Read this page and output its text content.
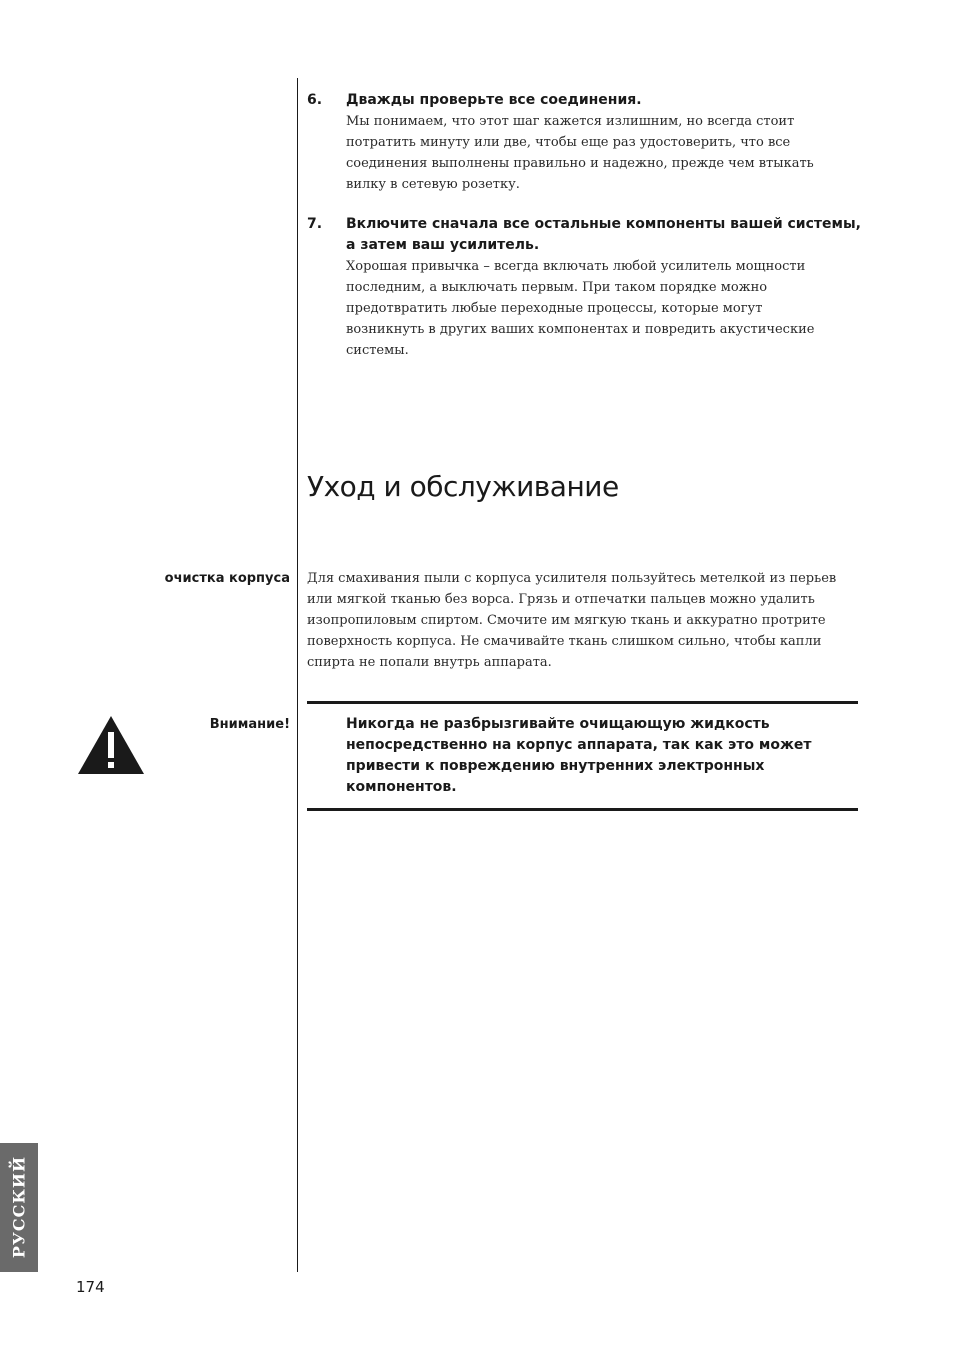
6. Дважды проверьте все соединения.
Мы понимаем, что этот шаг кажется излишним, но всегда стоит потратить минуту или две, чтобы еще раз удостоверить, что все соединения выполнены правильно и надежно, прежде чем втыкать вилку в сетевую розетку.
7. Включите сначала все остальные компоненты вашей системы, а затем ваш усилитель.
Хорошая привычка – всегда включать любой усилитель мощности последним, а выключать первым. При таком порядке можно предотвратить любые переходные процессы, которые могут возникнуть в других ваших компонентах и повредить акустические системы.
Уход и обслуживание
очистка корпуса Для смахивания пыли с корпуса усилителя пользуйтесь метелкой из перьев или мягкой тканью без ворса. Грязь и отпечатки пальцев можно удалить изопропиловым спиртом. Смочите им мягкую ткань и аккуратно протрите поверхность корпуса. Не смачивайте ткань слишком сильно, чтобы капли спирта не попали внутрь аппарата.
Внимание!	Никогда не разбрызгивайте очищающую жидкость непосредственно на корпус аппарата, так как это может привести к повреждению внутренних электронных компонентов.
РУССКИЙ
174
